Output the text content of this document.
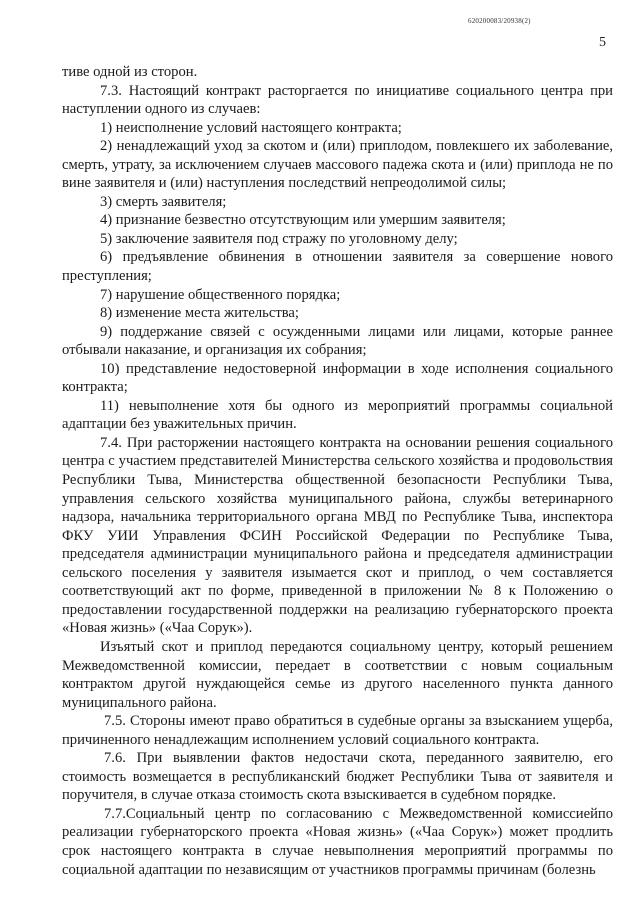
620200083/20938(2)
5

тиве одной из сторон.

7.3. Настоящий контракт расторгается по инициативе социального центра при наступлении одного из случаев:

1) неисполнение условий настоящего контракта;

2) ненадлежащий уход за скотом и (или) приплодом, повлекшего их заболевание, смерть, утрату, за исключением случаев массового падежа скота и (или) приплода не по вине заявителя и (или) наступления последствий непреодолимой силы;

3) смерть заявителя;

4) признание безвестно отсутствующим или умершим заявителя;

5) заключение заявителя под стражу по уголовному делу;

6) предъявление обвинения в отношении заявителя за совершение нового преступления;

7) нарушение общественного порядка;

8) изменение места жительства;

9) поддержание связей с осужденными лицами или лицами, которые раннее отбывали наказание, и организация их собрания;

10) представление недостоверной информации в ходе исполнения социального контракта;

11) невыполнение хотя бы одного из мероприятий программы социальной адаптации без уважительных причин.

7.4. При расторжении настоящего контракта на основании решения социального центра с участием представителей Министерства сельского хозяйства и продовольствия Республики Тыва, Министерства общественной безопасности Республики Тыва, управления сельского хозяйства муниципального района, службы ветеринарного надзора, начальника территориального органа МВД по Республике Тыва, инспектора ФКУ УИИ Управления ФСИН Российской Федерации по Республике Тыва, председателя администрации муниципального района и председателя администрации сельского поселения у заявителя изымается скот и приплод, о чем составляется соответствующий акт по форме, приведенной в приложении № 8 к Положению о предоставлении государственной поддержки на реализацию губернаторского проекта «Новая жизнь» («Чаа Сорук»).

Изъятый скот и приплод передаются социальному центру, который решением Межведомственной комиссии, передает в соответствии с новым социальным контрактом другой нуждающейся семье из другого населенного пункта данного муниципального района.

7.5. Стороны имеют право обратиться в судебные органы за взысканием ущерба, причиненного ненадлежащим исполнением условий социального контракта.

7.6. При выявлении фактов недостачи скота, переданного заявителю, его стоимость возмещается в республиканский бюджет Республики Тыва от заявителя и поручителя, в случае отказа стоимость скота взыскивается в судебном порядке.

7.7.Социальный центр по согласованию с Межведомственной комиссиейпо реализации губернаторского проекта «Новая жизнь» («Чаа Сорук») может продлить срок настоящего контракта в случае невыполнения мероприятий программы по социальной адаптации по независящим от участников программы причинам (болезнь
